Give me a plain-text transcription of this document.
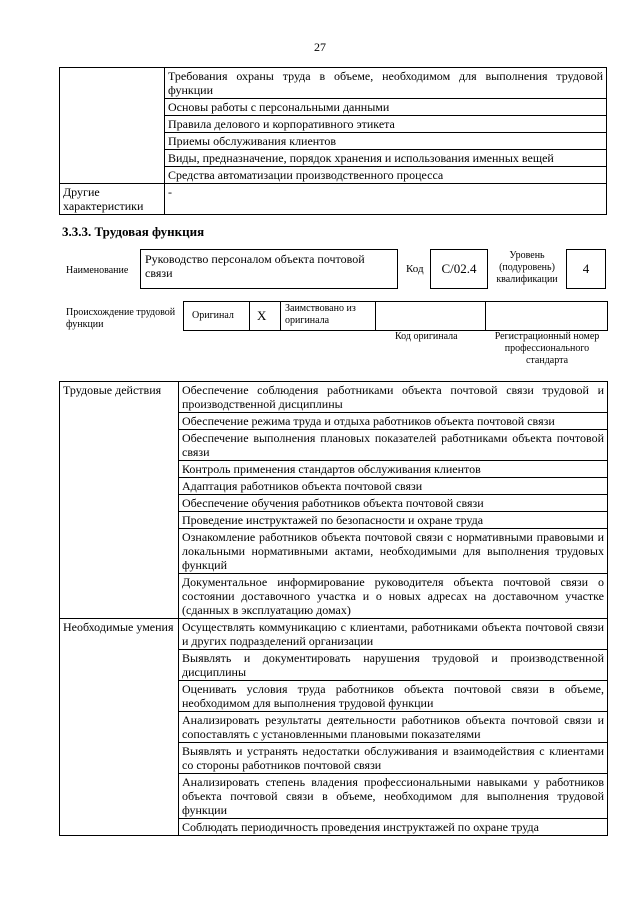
27
	Требования охраны труда в объеме, необходимом для выполнения трудовой функции
	Основы работы с персональными данными
	Правила делового и корпоративного этикета
	Приемы обслуживания клиентов
	Виды, предназначение, порядок хранения и использования именных вещей
	Средства автоматизации производственного процесса
Другие характеристики	-
3.3.3. Трудовая функция
Наименование
Руководство персоналом объекта почтовой связи	Код	С/02.4
Уровень (подуровень) квалификации
4
Происхождение трудовой функции
Оригинал X Заимствовано из оригинала
Код оригинала	Регистрационный номер профессионального стандарта
Трудовые действия	Обеспечение соблюдения работниками объекта почтовой связи трудовой и производственной дисциплины
	Обеспечение режима труда и отдыха работников объекта почтовой связи
	Обеспечение выполнения плановых показателей работниками объекта почтовой связи
	Контроль применения стандартов обслуживания клиентов
	Адаптация работников объекта почтовой связи
	Обеспечение обучения работников объекта почтовой связи
	Проведение инструктажей по безопасности и охране труда
	Ознакомление работников объекта почтовой связи с нормативными правовыми и локальными нормативными актами, необходимыми для выполнения трудовых функций
	Документальное информирование руководителя объекта почтовой связи о состоянии доставочного участка и о новых адресах на доставочном участке (сданных в эксплуатацию домах)
Необходимые умения	Осуществлять коммуникацию с клиентами, работниками объекта почтовой связи и других подразделений организации
	Выявлять и документировать нарушения трудовой и производственной дисциплины
	Оценивать условия труда работников объекта почтовой связи в объеме, необходимом для выполнения трудовой функции
	Анализировать результаты деятельности работников объекта почтовой связи и сопоставлять с установленными плановыми показателями
	Выявлять и устранять недостатки обслуживания и взаимодействия с клиентами со стороны работников почтовой связи
	Анализировать степень владения профессиональными навыками у работников объекта почтовой связи в объеме, необходимом для выполнения трудовой функции
	Соблюдать периодичность проведения инструктажей по охране труда
